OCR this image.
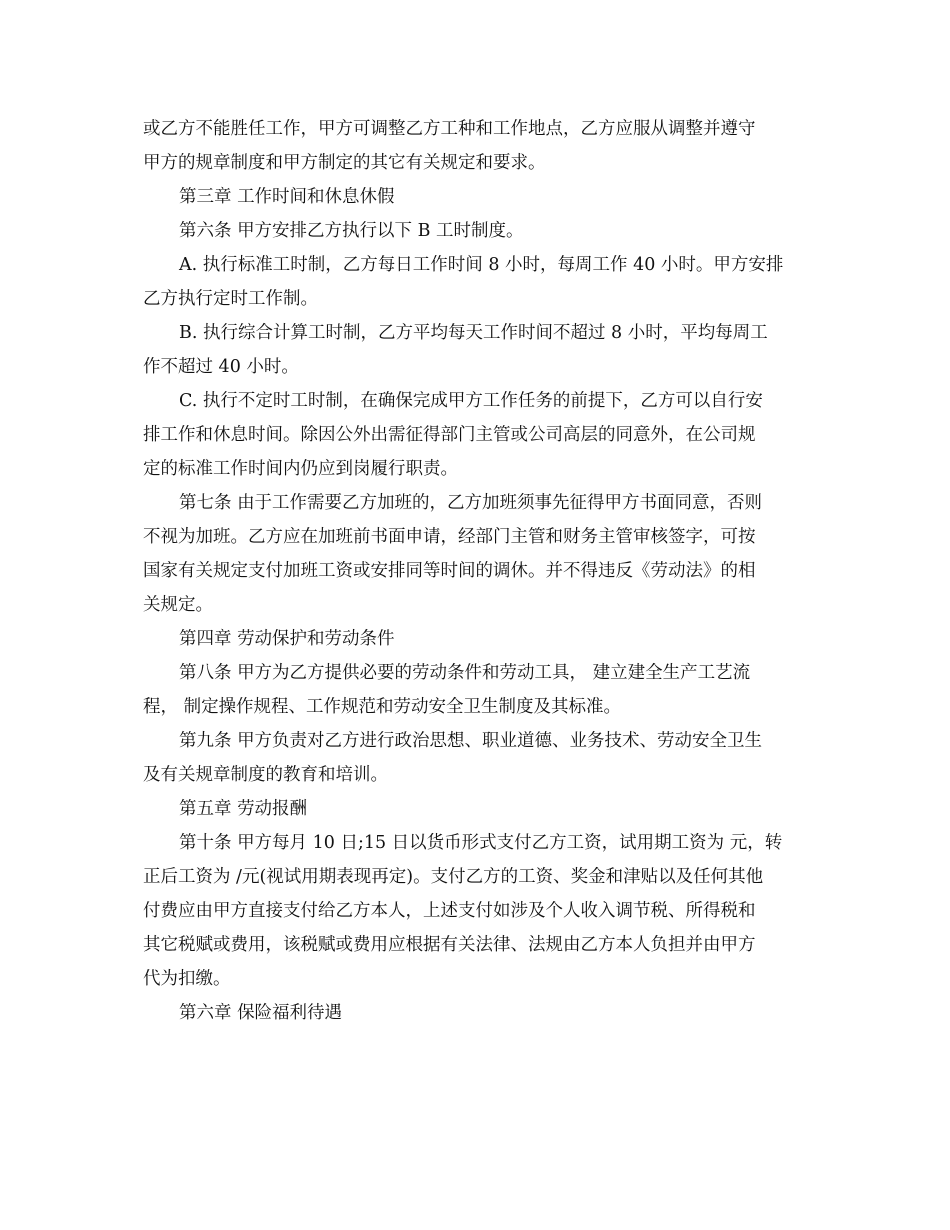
或乙方不能胜任工作，甲方可调整乙方工种和工作地点，乙方应服从调整并遵守
甲方的规章制度和甲方制定的其它有关规定和要求。
第三章 工作时间和休息休假
第六条 甲方安排乙方执行以下 B 工时制度。
A. 执行标准工时制，乙方每日工作时间 8 小时，每周工作 40 小时。甲方安排
乙方执行定时工作制。
B. 执行综合计算工时制，乙方平均每天工作时间不超过 8 小时，平均每周工
作不超过 40 小时。
C. 执行不定时工时制，在确保完成甲方工作任务的前提下，乙方可以自行安
排工作和休息时间。除因公外出需征得部门主管或公司高层的同意外，在公司规
定的标准工作时间内仍应到岗履行职责。
第七条 由于工作需要乙方加班的，乙方加班须事先征得甲方书面同意，否则
不视为加班。乙方应在加班前书面申请，经部门主管和财务主管审核签字，可按
国家有关规定支付加班工资或安排同等时间的调休。并不得违反《劳动法》的相
关规定。
第四章 劳动保护和劳动条件
第八条 甲方为乙方提供必要的劳动条件和劳动工具， 建立建全生产工艺流
程， 制定操作规程、工作规范和劳动安全卫生制度及其标准。
第九条 甲方负责对乙方进行政治思想、职业道德、业务技术、劳动安全卫生
及有关规章制度的教育和培训。
第五章 劳动报酬
第十条 甲方每月 10 日;15 日以货币形式支付乙方工资，试用期工资为 元，转
正后工资为 /元(视试用期表现再定)。支付乙方的工资、奖金和津贴以及任何其他
付费应由甲方直接支付给乙方本人，上述支付如涉及个人收入调节税、所得税和
其它税赋或费用，该税赋或费用应根据有关法律、法规由乙方本人负担并由甲方
代为扣缴。
第六章 保险福利待遇
